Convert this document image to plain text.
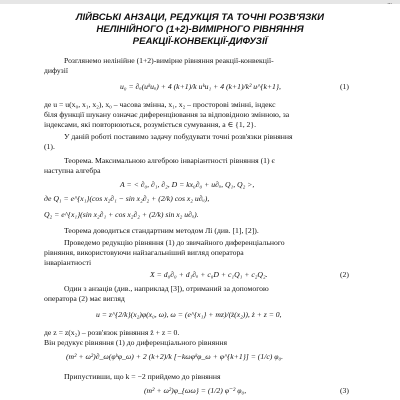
...
ЛІЙВСЬКІ АНЗАЦИ, РЕДУКЦІЯ ТА ТОЧНІ РОЗВ'ЯЗКИ
НЕЛІНІЙНОГО (1+2)-ВИМІРНОГО РІВНЯННЯ
РЕАКЦІЇ-КОНВЕКЦІЇ-ДИФУЗІЇ
Розглянемо нелінійне (1+2)-вимірне рівняння реакції-конвекції-
дифузії
u₀ = ∂ₐ(uᵏuₐ) + 4 (k+1)/k uᵏu₁ + 4 (k+1)/k² u^{k+1},	(1)
де u = u(x₀, x₁, x₂), x₀ – часова змінна, x₁, x₂ – просторові змінні, індекс
біля функції шукану означає диференціювання за відповідною змінною, за
індексами, які повторюються, розуміється сумування, a ∈ {1, 2}.
У даній роботі поставимо задачу побудувати точні розв'язки рівняння
(1).
Теорема. Максимальною алгеброю інваріантності рівняння (1) є
наступна алгебра
A = < ∂₀, ∂₁, ∂₂, D = kx₀∂₀ + u∂ᵤ, Q₁, Q₂ >,
де Q₁ = e^{x₁}(cos x₂∂₁ − sin x₂∂₂ + (2/k) cos x₂ u∂ᵤ),
Q₂ = e^{x₁}(sin x₂∂₁ + cos x₂∂₂ + (2/k) sin x₂ u∂ᵤ).
Теорема доводиться стандартним методом Лі (див. [1], [2]).
Проведемо редукцію рівняння (1) до звичайного диференціального
рівняння, використовуючи найзагальніший вигляд оператора
інваріантності
X = d₀∂₀ + d₁∂ₐ + c₀D + c₁Q₁ + c₂Q₂.	(2)
Один з анзаців (див., наприклад [3]), отриманий за допомогою
оператора (2) має вигляд
u = z^{2/k}(x₂)φ(x₀, ω), ω = (e^{x₁} + mz)/(ż(x₂)), ż + z = 0,
де z = z(x₂) – розв'язок рівняння z̈ + z = 0.
Він редукує рівняння (1) до диференціального рівняння
(m² + ω²)∂_ω(φᵏφ_ω) + 2 (k+2)/k [−kωφᵏφ_ω + φ^{k+1}] = (1/c) φ₀.
Припустивши, що k = −2 прийдемо до рівняння
(m² + ω²)φ_{ωω} = (1/2) φ⁻² φ₀,	(3)
